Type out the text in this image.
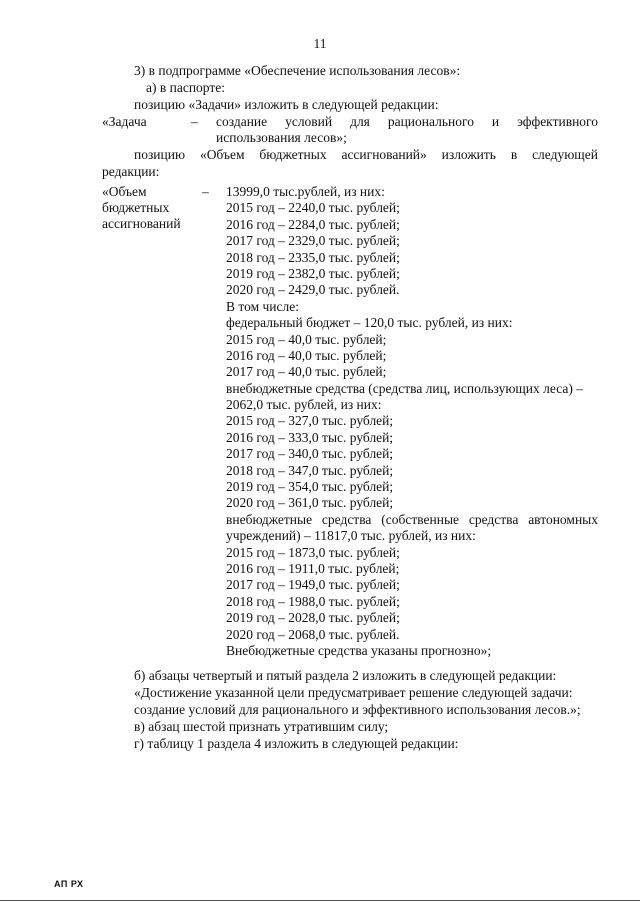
11
3) в подпрограмме «Обеспечение использования лесов»:
а) в паспорте:
позицию «Задачи» изложить в следующей редакции:
«Задача	– создание условий для рационального и эффективного
использования лесов»;
позицию «Объем бюджетных ассигнований» изложить в следующей
редакции:
«Объем
бюджетных
ассигнований
– 13999,0 тыс.рублей, из них:
2015 год – 2240,0 тыс. рублей;
2016 год – 2284,0 тыс. рублей;
2017 год – 2329,0 тыс. рублей;
2018 год – 2335,0 тыс. рублей;
2019 год – 2382,0 тыс. рублей;
2020 год – 2429,0 тыс. рублей.
В том числе:
федеральный бюджет – 120,0 тыс. рублей, из них:
2015 год – 40,0 тыс. рублей;
2016 год – 40,0 тыс. рублей;
2017 год – 40,0 тыс. рублей;
внебюджетные средства (средства лиц, использующих леса) –
2062,0 тыс. рублей, из них:
2015 год – 327,0 тыс. рублей;
2016 год – 333,0 тыс. рублей;
2017 год – 340,0 тыс. рублей;
2018 год – 347,0 тыс. рублей;
2019 год – 354,0 тыс. рублей;
2020 год – 361,0 тыс. рублей;
внебюджетные средства (собственные средства автономных
учреждений) – 11817,0 тыс. рублей, из них:
2015 год – 1873,0 тыс. рублей;
2016 год – 1911,0 тыс. рублей;
2017 год – 1949,0 тыс. рублей;
2018 год – 1988,0 тыс. рублей;
2019 год – 2028,0 тыс. рублей;
2020 год – 2068,0 тыс. рублей.
Внебюджетные средства указаны прогнозно»;
б) абзацы четвертый и пятый раздела 2 изложить в следующей редакции:
«Достижение указанной цели предусматривает решение следующей задачи:
создание условий для рационального и эффективного использования лесов.»;
в) абзац шестой признать утратившим силу;
г) таблицу 1 раздела 4 изложить в следующей редакции:
АП РХ
